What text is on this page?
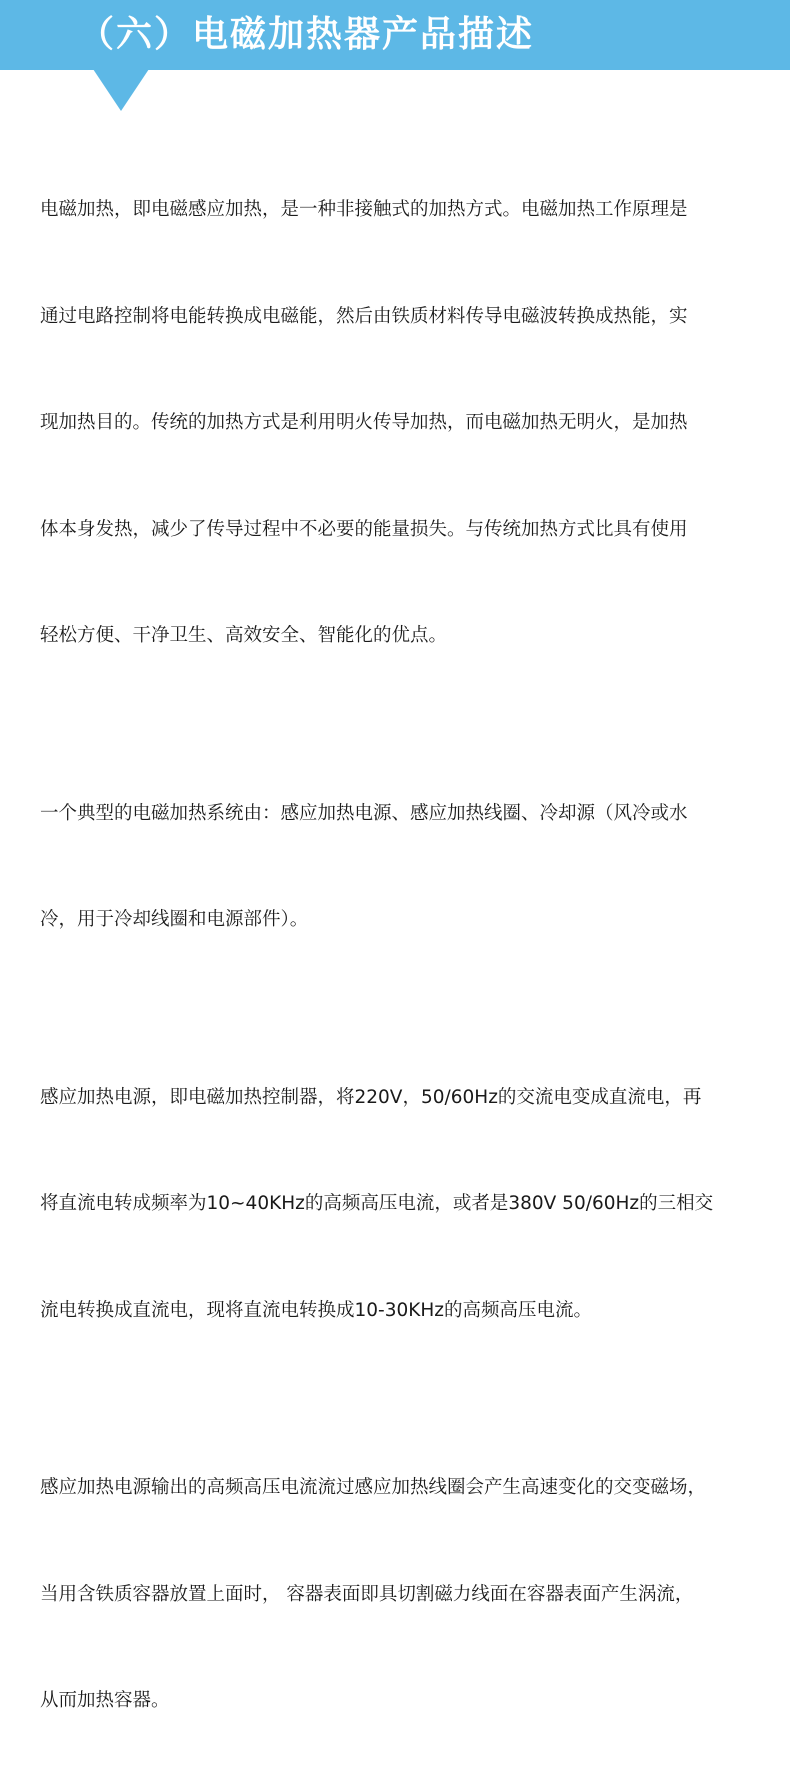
（六）电磁加热器产品描述

电磁加热，即电磁感应加热，是一种非接触式的加热方式。电磁加热工作原理是

通过电路控制将电能转换成电磁能，然后由铁质材料传导电磁波转换成热能，实

现加热目的。传统的加热方式是利用明火传导加热，而电磁加热无明火，是加热

体本身发热，减少了传导过程中不必要的能量损失。与传统加热方式比具有使用

轻松方便、干净卫生、高效安全、智能化的优点。

一个典型的电磁加热系统由：感应加热电源、感应加热线圈、冷却源（风冷或水

冷，用于冷却线圈和电源部件）。

感应加热电源，即电磁加热控制器，将220V，50/60Hz的交流电变成直流电，再

将直流电转成频率为10~40KHz的高频高压电流，或者是380V 50/60Hz的三相交

流电转换成直流电，现将直流电转换成10-30KHz的高频高压电流。

感应加热电源输出的高频高压电流流过感应加热线圈会产生高速变化的交变磁场，

当用含铁质容器放置上面时， 容器表面即具切割磁力线面在容器表面产生涡流，

从而加热容器。
